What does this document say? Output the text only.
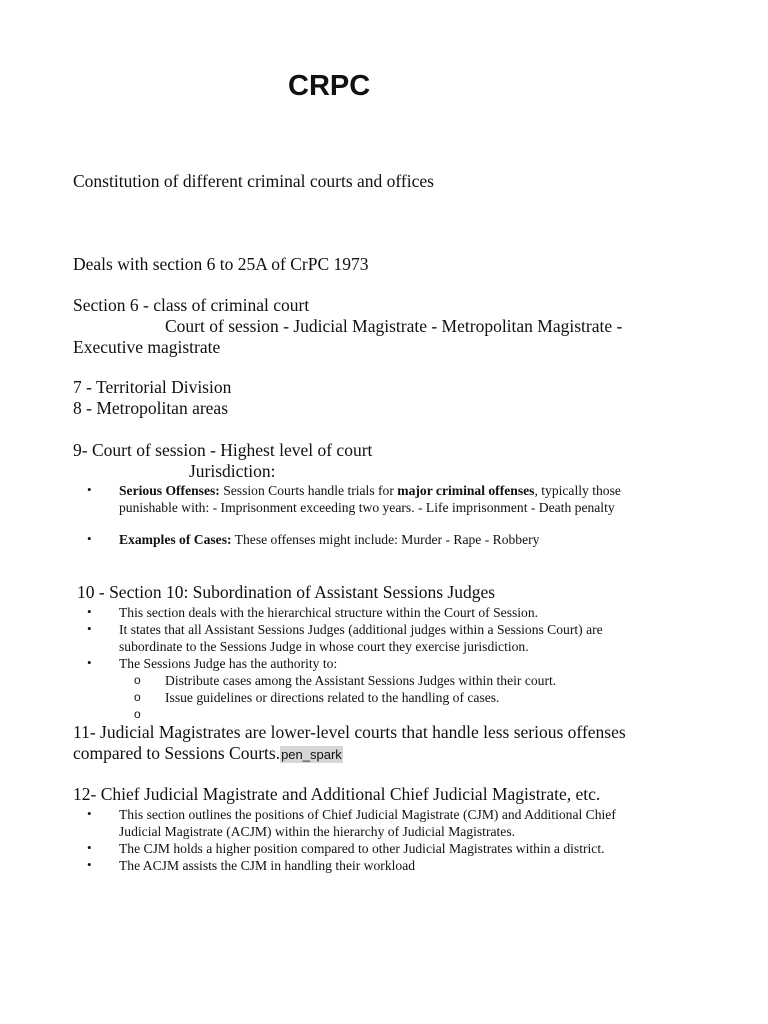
CRPC
Constitution of different criminal courts and offices
Deals with section 6 to 25A of CrPC 1973
Section 6 - class of criminal court
Court of session - Judicial Magistrate - Metropolitan Magistrate -
Executive magistrate
7 - Territorial Division
8 - Metropolitan areas
9- Court of session - Highest level of court
Jurisdiction:
• Serious Offenses: Session Courts handle trials for major criminal offenses, typically those
punishable with: - Imprisonment exceeding two years. - Life imprisonment - Death penalty
• Examples of Cases: These offenses might include: Murder - Rape - Robbery
10 - Section 10: Subordination of Assistant Sessions Judges
• This section deals with the hierarchical structure within the Court of Session.
• It states that all Assistant Sessions Judges (additional judges within a Sessions Court) are
subordinate to the Sessions Judge in whose court they exercise jurisdiction.
• The Sessions Judge has the authority to:
o Distribute cases among the Assistant Sessions Judges within their court.
o Issue guidelines or directions related to the handling of cases.
o
11- Judicial Magistrates are lower-level courts that handle less serious offenses
compared to Sessions Courts.pen_spark
12- Chief Judicial Magistrate and Additional Chief Judicial Magistrate, etc.
• This section outlines the positions of Chief Judicial Magistrate (CJM) and Additional Chief
Judicial Magistrate (ACJM) within the hierarchy of Judicial Magistrates.
• The CJM holds a higher position compared to other Judicial Magistrates within a district.
• The ACJM assists the CJM in handling their workload
